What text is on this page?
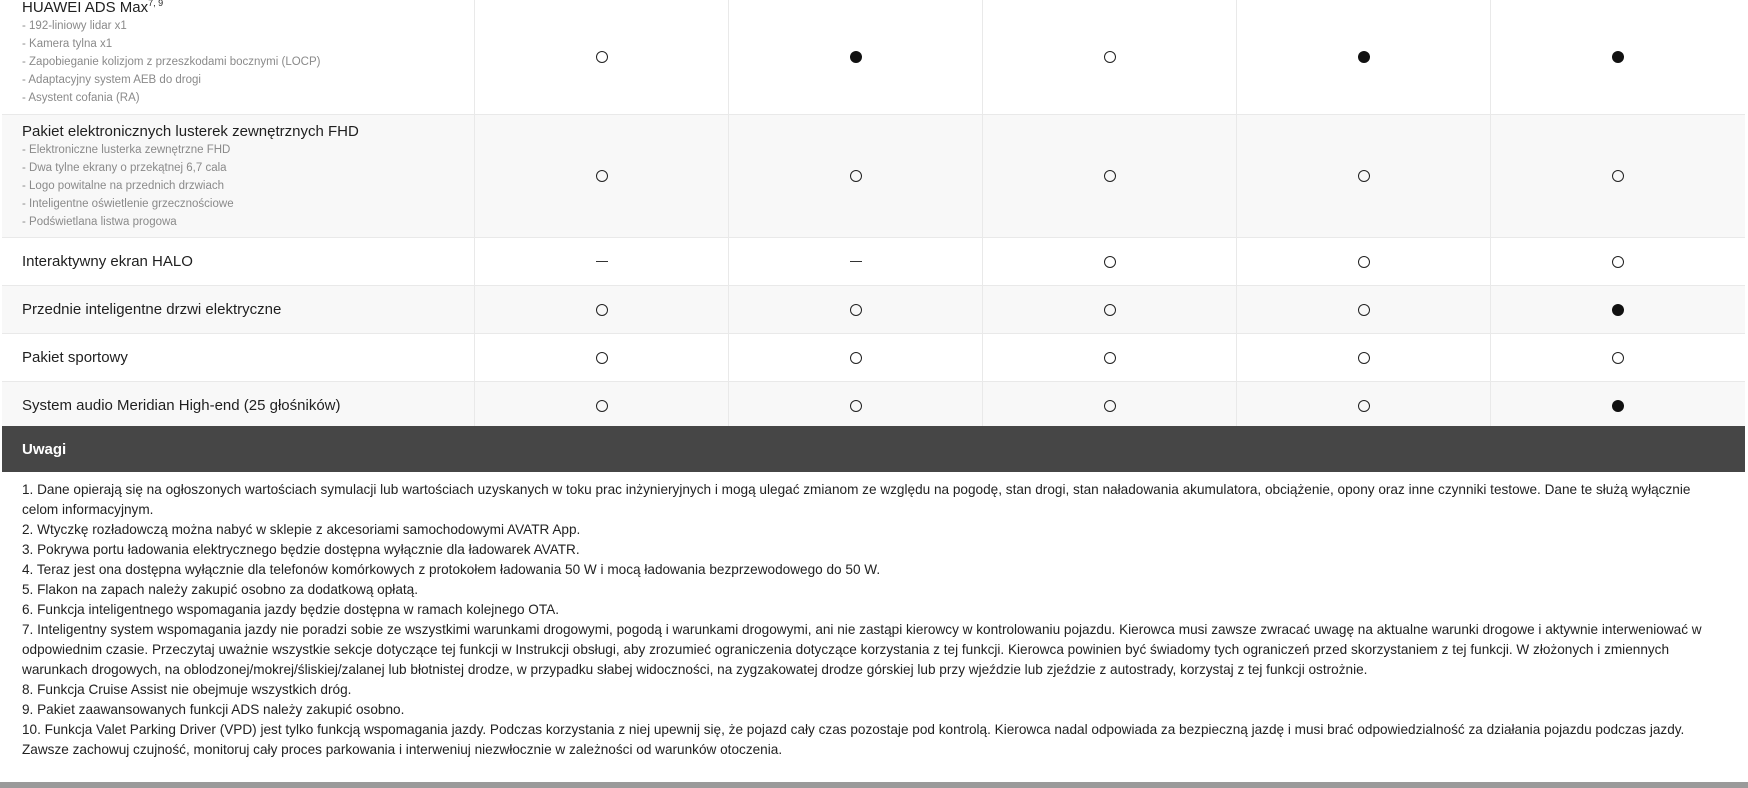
HUAWEI ADS Max$^{7, 9}$
- 192-liniowy lidar x1
- Kamera tylna x1
- Zapobieganie kolizjom z przeszkodami bocznymi (LOCP)
- Adaptacyjny system AEB do drogi
- Asystent cofania (RA)
Pakiet elektronicznych lusterek zewnętrznych FHD
- Elektroniczne lusterka zewnętrzne FHD
- Dwa tylne ekrany o przekątnej 6,7 cala
- Logo powitalne na przednich drzwiach
- Inteligentne oświetlenie grzecznościowe
- Podświetlana listwa progowa
Interaktywny ekran HALO
Przednie inteligentne drzwi elektryczne
Pakiet sportowy
System audio Meridian High-end (25 głośników)
Uwagi
1. Dane opierają się na ogłoszonych wartościach symulacji lub wartościach uzyskanych w toku prac inżynieryjnych i mogą ulegać zmianom ze względu na pogodę, stan drogi, stan naładowania akumulatora, obciążenie, opony oraz inne czynniki testowe. Dane te służą wyłącznie celom informacyjnym.
2. Wtyczkę rozładowczą można nabyć w sklepie z akcesoriami samochodowymi AVATR App.
3. Pokrywa portu ładowania elektrycznego będzie dostępna wyłącznie dla ładowarek AVATR.
4. Teraz jest ona dostępna wyłącznie dla telefonów komórkowych z protokołem ładowania 50 W i mocą ładowania bezprzewodowego do 50 W.
5. Flakon na zapach należy zakupić osobno za dodatkową opłatą.
6. Funkcja inteligentnego wspomagania jazdy będzie dostępna w ramach kolejnego OTA.
7. Inteligentny system wspomagania jazdy nie poradzi sobie ze wszystkimi warunkami drogowymi, pogodą i warunkami drogowymi, ani nie zastąpi kierowcy w kontrolowaniu pojazdu. Kierowca musi zawsze zwracać uwagę na aktualne warunki drogowe i aktywnie interweniować w odpowiednim czasie. Przeczytaj uważnie wszystkie sekcje dotyczące tej funkcji w Instrukcji obsługi, aby zrozumieć ograniczenia dotyczące korzystania z tej funkcji. Kierowca powinien być świadomy tych ograniczeń przed skorzystaniem z tej funkcji. W złożonych i zmiennych warunkach drogowych, na oblodzonej/mokrej/śliskiej/zalanej lub błotnistej drodze, w przypadku słabej widoczności, na zygzakowatej drodze górskiej lub przy wjeździe lub zjeździe z autostrady, korzystaj z tej funkcji ostrożnie.
8. Funkcja Cruise Assist nie obejmuje wszystkich dróg.
9. Pakiet zaawansowanych funkcji ADS należy zakupić osobno.
10. Funkcja Valet Parking Driver (VPD) jest tylko funkcją wspomagania jazdy. Podczas korzystania z niej upewnij się, że pojazd cały czas pozostaje pod kontrolą. Kierowca nadal odpowiada za bezpieczną jazdę i musi brać odpowiedzialność za działania pojazdu podczas jazdy. Zawsze zachowuj czujność, monitoruj cały proces parkowania i interweniuj niezwłocznie w zależności od warunków otoczenia.
